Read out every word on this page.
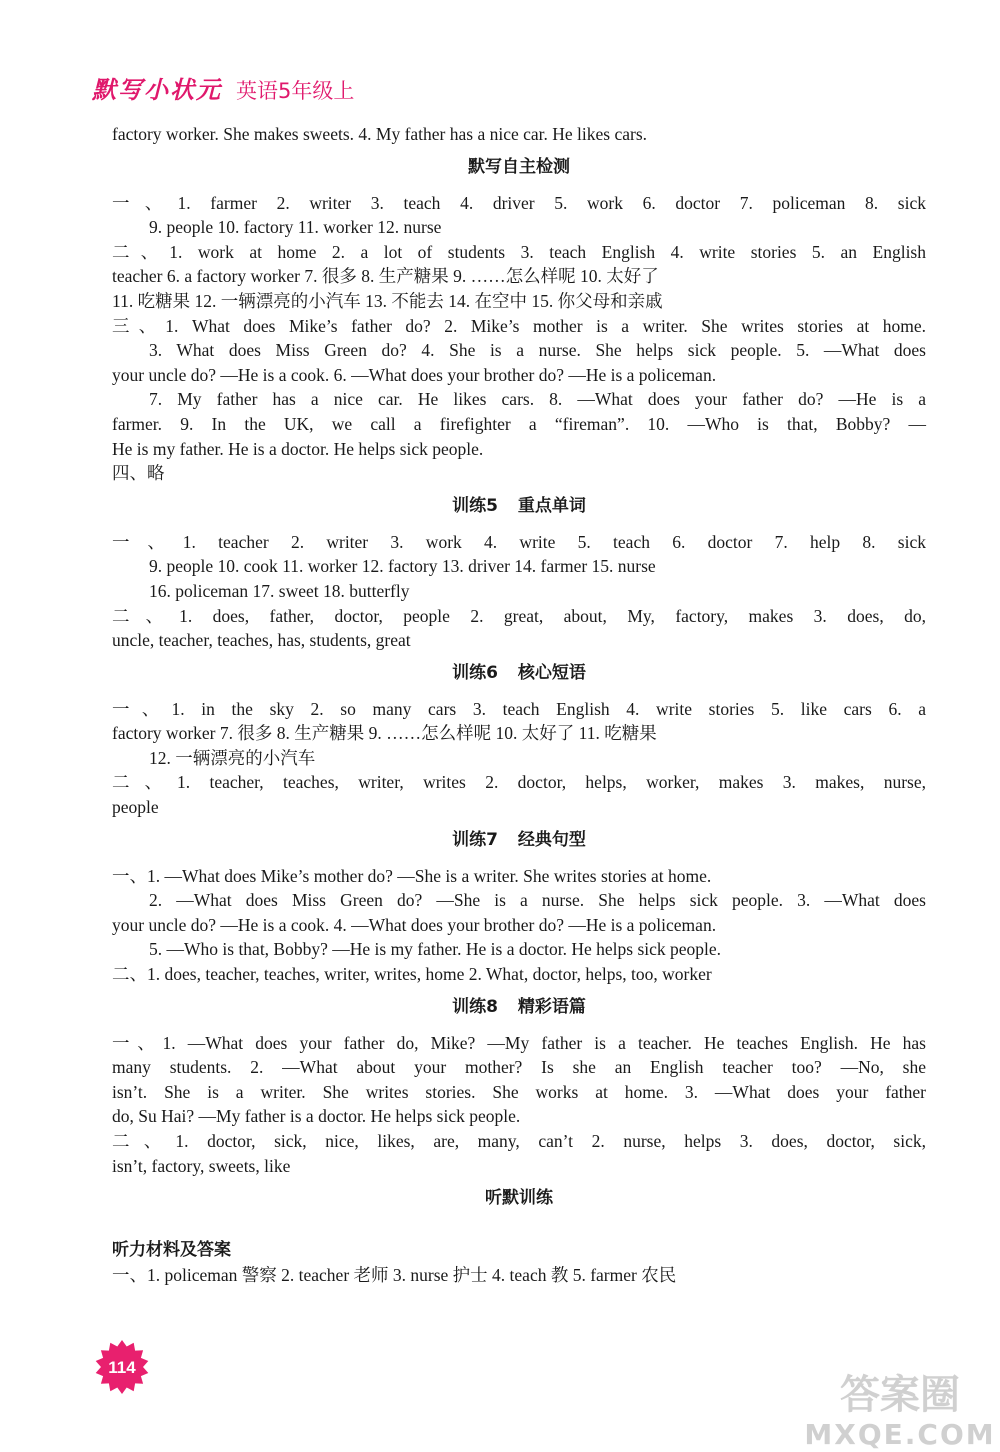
默写小状元 英语5年级上

factory worker. She makes sweets. 4. My father has a nice car. He likes cars.

默写自主检测

一、1. farmer 2. writer 3. teach 4. driver 5. work 6. doctor 7. policeman 8. sick

9. people 10. factory 11. worker 12. nurse

二、1. work at home 2. a lot of students 3. teach English 4. write stories 5. an English

teacher 6. a factory worker 7. 很多 8. 生产糖果 9. ……怎么样呢 10. 太好了

11. 吃糖果 12. 一辆漂亮的小汽车 13. 不能去 14. 在空中 15. 你父母和亲戚

三、1. What does Mike’s father do? 2. Mike’s mother is a writer. She writes stories at home.

3. What does Miss Green do? 4. She is a nurse. She helps sick people. 5. —What does

your uncle do? —He is a cook. 6. —What does your brother do? —He is a policeman.

7. My father has a nice car. He likes cars. 8. —What does your father do? —He is a

farmer. 9. In the UK, we call a firefighter a “fireman”. 10. —Who is that, Bobby? —

He is my father. He is a doctor. He helps sick people.

四、略

训练5 重点单词

一、1. teacher 2. writer 3. work 4. write 5. teach 6. doctor 7. help 8. sick

9. people 10. cook 11. worker 12. factory 13. driver 14. farmer 15. nurse

16. policeman 17. sweet 18. butterfly

二、1. does, father, doctor, people 2. great, about, My, factory, makes 3. does, do,

uncle, teacher, teaches, has, students, great

训练6 核心短语

一、1. in the sky 2. so many cars 3. teach English 4. write stories 5. like cars 6. a

factory worker 7. 很多 8. 生产糖果 9. ……怎么样呢 10. 太好了 11. 吃糖果

12. 一辆漂亮的小汽车

二、1. teacher, teaches, writer, writes 2. doctor, helps, worker, makes 3. makes, nurse,

people

训练7 经典句型

一、1. —What does Mike’s mother do? —She is a writer. She writes stories at home.

2. —What does Miss Green do? —She is a nurse. She helps sick people. 3. —What does

your uncle do? —He is a cook. 4. —What does your brother do? —He is a policeman.

5. —Who is that, Bobby? —He is my father. He is a doctor. He helps sick people.

二、1. does, teacher, teaches, writer, writes, home 2. What, doctor, helps, too, worker

训练8 精彩语篇

一、1. —What does your father do, Mike? —My father is a teacher. He teaches English. He has

many students. 2. —What about your mother? Is she an English teacher too? —No, she

isn’t. She is a writer. She writes stories. She works at home. 3. —What does your father

do, Su Hai? —My father is a doctor. He helps sick people.

二、1. doctor, sick, nice, likes, are, many, can’t 2. nurse, helps 3. does, doctor, sick,

isn’t, factory, sweets, like

听默训练

听力材料及答案

一、1. policeman 警察 2. teacher 老师 3. nurse 护士 4. teach 教 5. farmer 农民

114
答案圈
MXQE.COM
